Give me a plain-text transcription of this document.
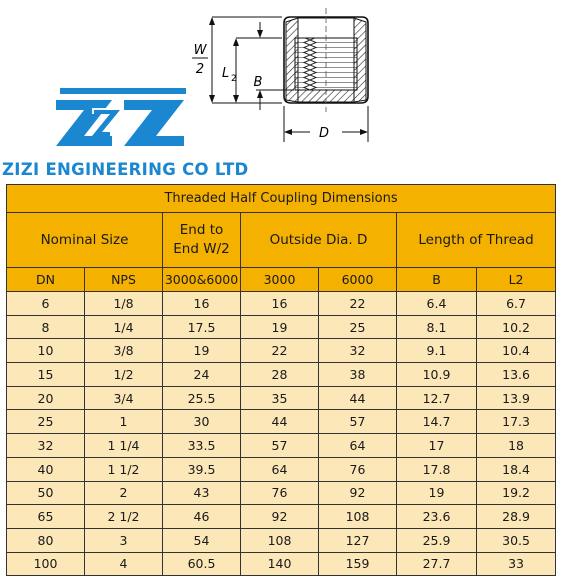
W
2 L 2 B
D
ZIZI ENGINEERING CO LTD
Threaded Half Coupling Dimensions						
Nominal Size		End to
End W/2	Outside Dia. D		Length of Thread	
DN	NPS	3000&6000	3000	6000	B	L2
6	1/8	16	16	22	6.4	6.7
8	1/4	17.5	19	25	8.1	10.2
10	3/8	19	22	32	9.1	10.4
15	1/2	24	28	38	10.9	13.6
20	3/4	25.5	35	44	12.7	13.9
25	1	30	44	57	14.7	17.3
32	1 1/4	33.5	57	64	17	18
40	1 1/2	39.5	64	76	17.8	18.4
50	2	43	76	92	19	19.2
65	2 1/2	46	92	108	23.6	28.9
80	3	54	108	127	25.9	30.5
100	4	60.5	140	159	27.7	33
